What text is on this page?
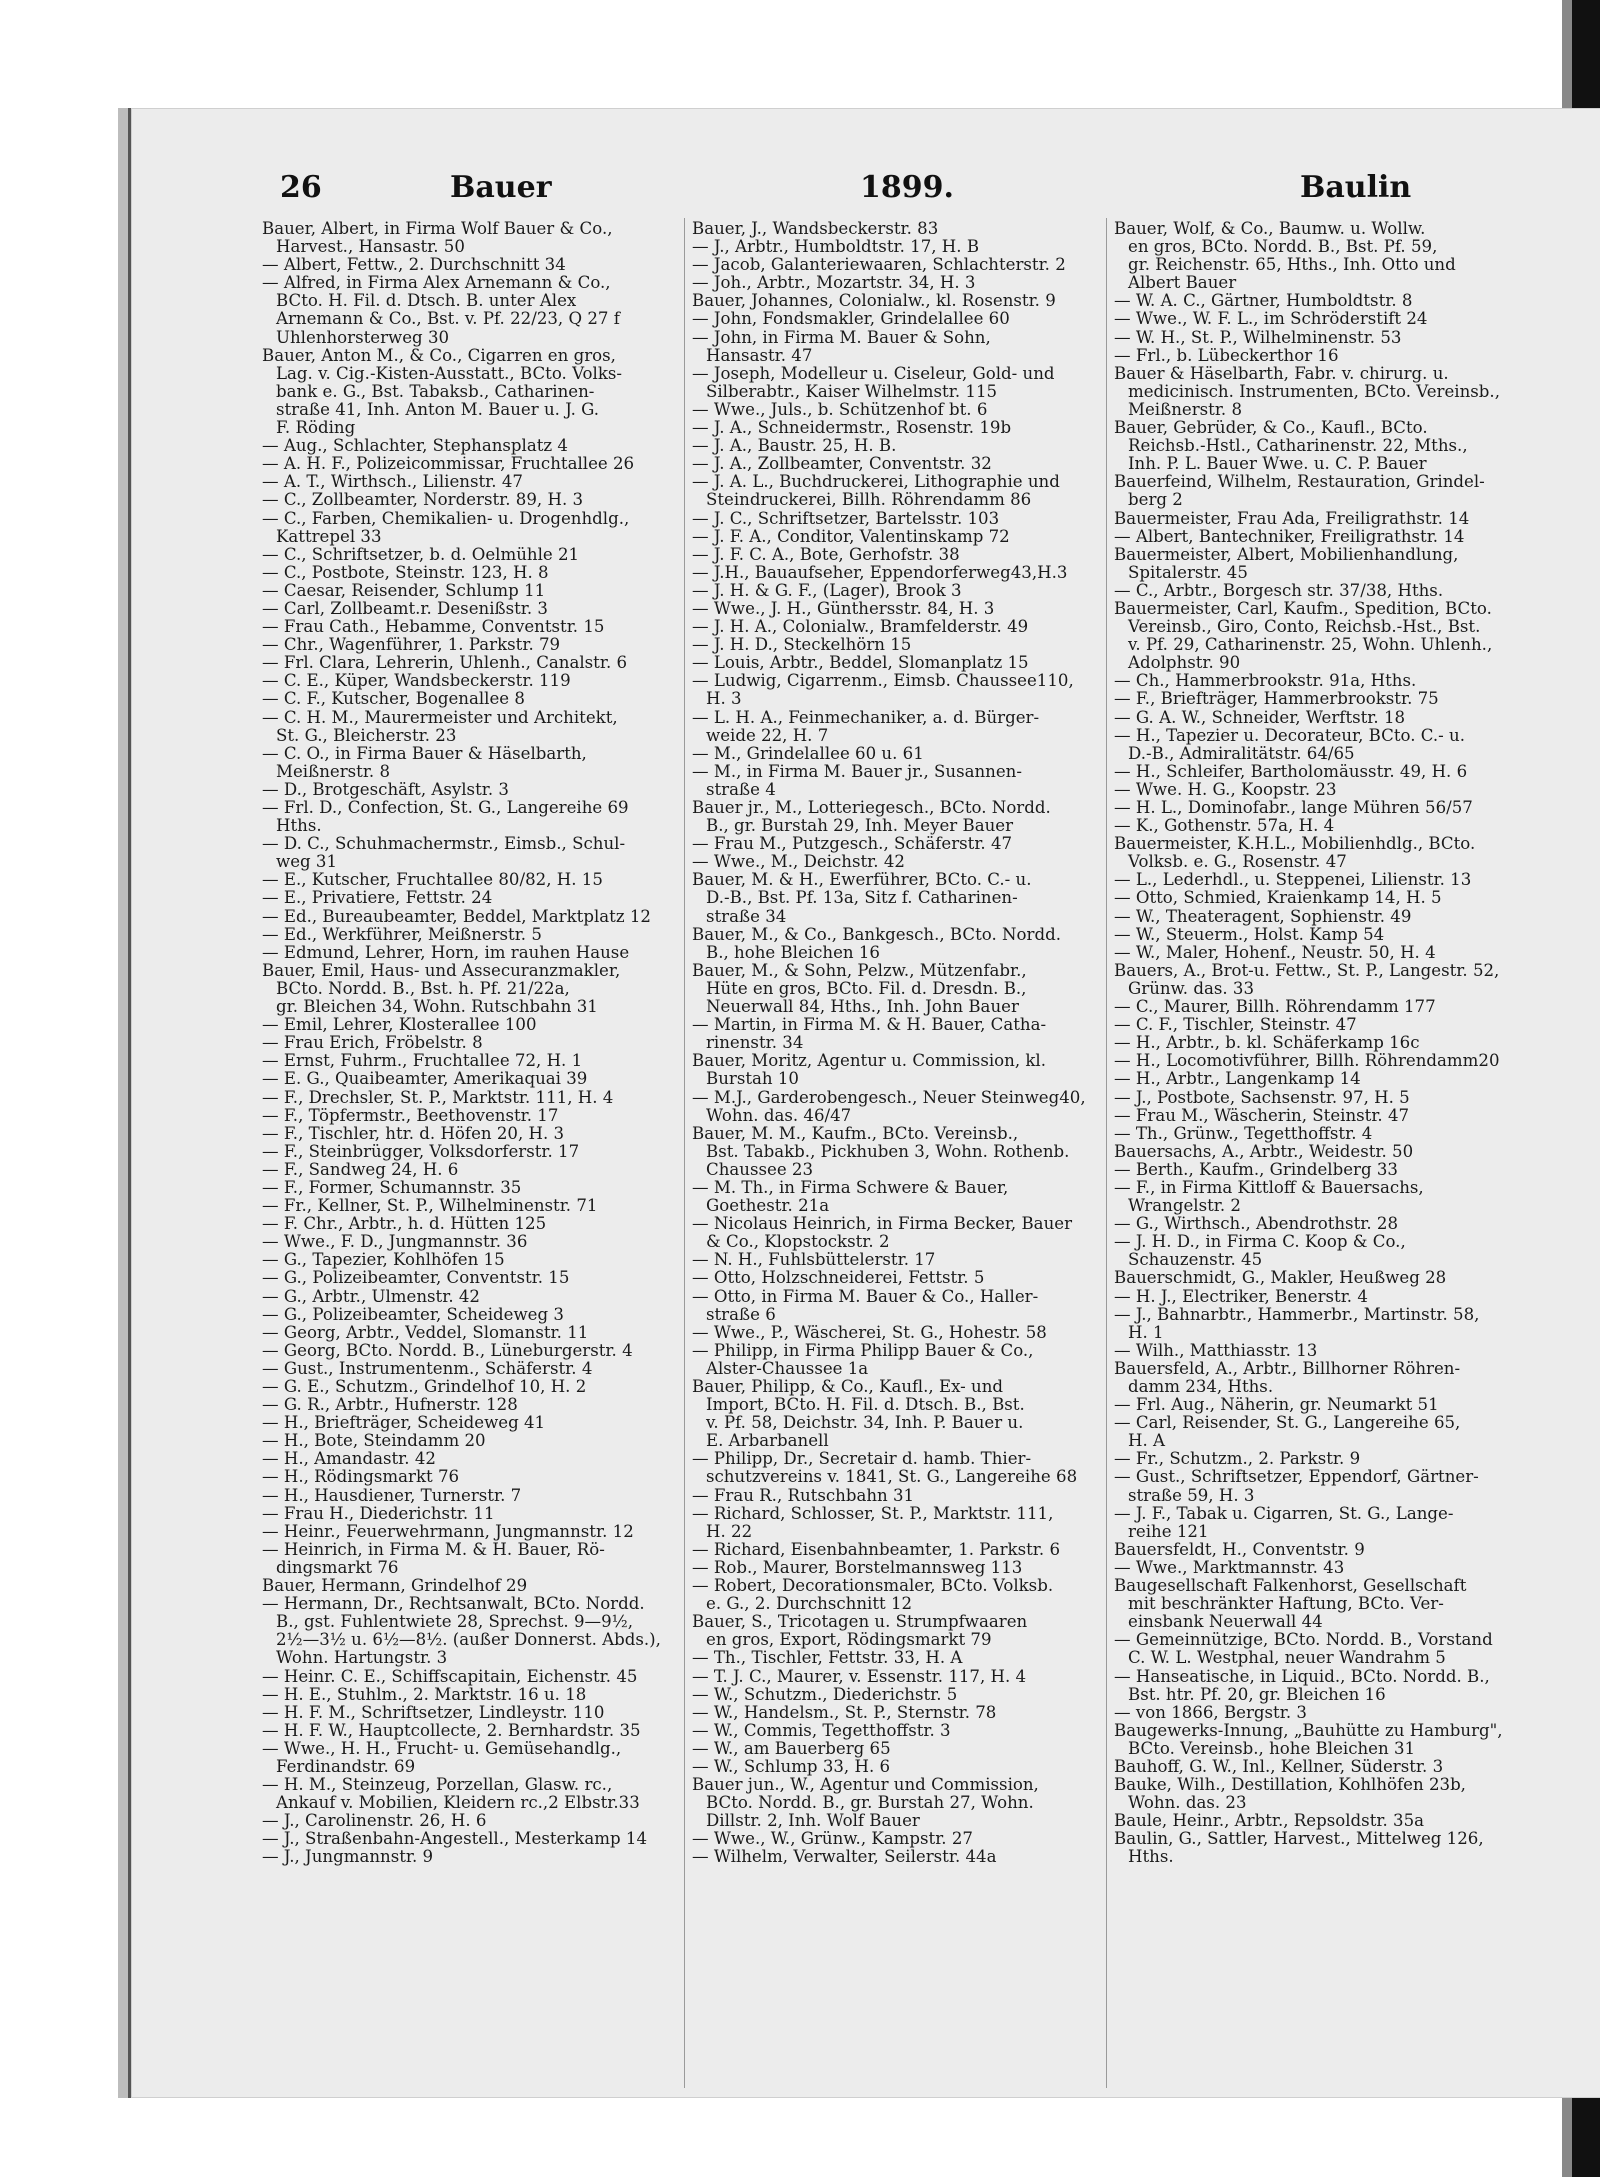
26	Bauer	1899.	Baulin
Bauer, Albert, in Firma Wolf Bauer & Co.,
Harvest., Hansastr. 50
— Albert, Fettw., 2. Durchschnitt 34
— Alfred, in Firma Alex Arnemann & Co.,
BCto. H. Fil. d. Dtsch. B. unter Alex
Arnemann & Co., Bst. v. Pf. 22/23, Q 27 f
Uhlenhorsterweg 30
Bauer, Anton M., & Co., Cigarren en gros,
Lag. v. Cig.-Kisten-Ausstatt., BCto. Volks-
bank e. G., Bst. Tabaksb., Catharinen-
straße 41, Inh. Anton M. Bauer u. J. G.
F. Röding
— Aug., Schlachter, Stephansplatz 4
— A. H. F., Polizeicommissar, Fruchtallee 26
— A. T., Wirthsch., Lilienstr. 47
— C., Zollbeamter, Norderstr. 89, H. 3
— C., Farben, Chemikalien- u. Drogenhdlg.,
Kattrepel 33
— C., Schriftsetzer, b. d. Oelmühle 21
— C., Postbote, Steinstr. 123, H. 8
— Caesar, Reisender, Schlump 11
— Carl, Zollbeamt.r. Desenißstr. 3
— Frau Cath., Hebamme, Conventstr. 15
— Chr., Wagenführer, 1. Parkstr. 79
— Frl. Clara, Lehrerin, Uhlenh., Canalstr. 6
— C. E., Küper, Wandsbeckerstr. 119
— C. F., Kutscher, Bogenallee 8
— C. H. M., Maurermeister und Architekt,
St. G., Bleicherstr. 23
— C. O., in Firma Bauer & Häselbarth,
Meißnerstr. 8
— D., Brotgeschäft, Asylstr. 3
— Frl. D., Confection, St. G., Langereihe 69
Hths.
— D. C., Schuhmachermstr., Eimsb., Schul-
weg 31
— E., Kutscher, Fruchtallee 80/82, H. 15
— E., Privatiere, Fettstr. 24
— Ed., Bureaubeamter, Beddel, Marktplatz 12
— Ed., Werkführer, Meißnerstr. 5
— Edmund, Lehrer, Horn, im rauhen Hause
Bauer, Emil, Haus- und Assecuranzmakler,
BCto. Nordd. B., Bst. h. Pf. 21/22a,
gr. Bleichen 34, Wohn. Rutschbahn 31
— Emil, Lehrer, Klosterallee 100
— Frau Erich, Fröbelstr. 8
— Ernst, Fuhrm., Fruchtallee 72, H. 1
— E. G., Quaibeamter, Amerikaquai 39
— F., Drechsler, St. P., Marktstr. 111, H. 4
— F., Töpfermstr., Beethovenstr. 17
— F., Tischler, htr. d. Höfen 20, H. 3
— F., Steinbrügger, Volksdorferstr. 17
— F., Sandweg 24, H. 6
— F., Former, Schumannstr. 35
— Fr., Kellner, St. P., Wilhelminenstr. 71
— F. Chr., Arbtr., h. d. Hütten 125
— Wwe., F. D., Jungmannstr. 36
— G., Tapezier, Kohlhöfen 15
— G., Polizeibeamter, Conventstr. 15
— G., Arbtr., Ulmenstr. 42
— G., Polizeibeamter, Scheideweg 3
— Georg, Arbtr., Veddel, Slomanstr. 11
— Georg, BCto. Nordd. B., Lüneburgerstr. 4
— Gust., Instrumentenm., Schäferstr. 4
— G. E., Schutzm., Grindelhof 10, H. 2
— G. R., Arbtr., Hufnerstr. 128
— H., Briefträger, Scheideweg 41
— H., Bote, Steindamm 20
— H., Amandastr. 42
— H., Rödingsmarkt 76
— H., Hausdiener, Turnerstr. 7
— Frau H., Diederichstr. 11
— Heinr., Feuerwehrmann, Jungmannstr. 12
— Heinrich, in Firma M. & H. Bauer, Rö-
dingsmarkt 76
Bauer, Hermann, Grindelhof 29
— Hermann, Dr., Rechtsanwalt, BCto. Nordd.
B., gst. Fuhlentwiete 28, Sprechst. 9—9½,
2½—3½ u. 6½—8½. (außer Donnerst. Abds.),
Wohn. Hartungstr. 3
— Heinr. C. E., Schiffscapitain, Eichenstr. 45
— H. E., Stuhlm., 2. Marktstr. 16 u. 18
— H. F. M., Schriftsetzer, Lindleystr. 110
— H. F. W., Hauptcollecte, 2. Bernhardstr. 35
— Wwe., H. H., Frucht- u. Gemüsehandlg.,
Ferdinandstr. 69
— H. M., Steinzeug, Porzellan, Glasw. rc.,
Ankauf v. Mobilien, Kleidern rc.,2 Elbstr.33
— J., Carolinenstr. 26, H. 6
— J., Straßenbahn-Angestell., Mesterkamp 14
— J., Jungmannstr. 9
Bauer, J., Wandsbeckerstr. 83
— J., Arbtr., Humboldtstr. 17, H. B
— Jacob, Galanteriewaaren, Schlachterstr. 2
— Joh., Arbtr., Mozartstr. 34, H. 3
Bauer, Johannes, Colonialw., kl. Rosenstr. 9
— John, Fondsmakler, Grindelallee 60
— John, in Firma M. Bauer & Sohn,
Hansastr. 47
— Joseph, Modelleur u. Ciseleur, Gold- und
Silberabtr., Kaiser Wilhelmstr. 115
— Wwe., Juls., b. Schützenhof bt. 6
— J. A., Schneidermstr., Rosenstr. 19b
— J. A., Baustr. 25, H. B.
— J. A., Zollbeamter, Conventstr. 32
— J. A. L., Buchdruckerei, Lithographie und
Steindruckerei, Billh. Röhrendamm 86
— J. C., Schriftsetzer, Bartelsstr. 103
— J. F. A., Conditor, Valentinskamp 72
— J. F. C. A., Bote, Gerhofstr. 38
— J.H., Bauaufseher, Eppendorferweg43,H.3
— J. H. & G. F., (Lager), Brook 3
— Wwe., J. H., Günthersstr. 84, H. 3
— J. H. A., Colonialw., Bramfelderstr. 49
— J. H. D., Steckelhörn 15
— Louis, Arbtr., Beddel, Slomanplatz 15
— Ludwig, Cigarrenm., Eimsb. Chaussee110,
H. 3
— L. H. A., Feinmechaniker, a. d. Bürger-
weide 22, H. 7
— M., Grindelallee 60 u. 61
— M., in Firma M. Bauer jr., Susannen-
straße 4
Bauer jr., M., Lotteriegesch., BCto. Nordd.
B., gr. Burstah 29, Inh. Meyer Bauer
— Frau M., Putzgesch., Schäferstr. 47
— Wwe., M., Deichstr. 42
Bauer, M. & H., Ewerführer, BCto. C.- u.
D.-B., Bst. Pf. 13a, Sitz f. Catharinen-
straße 34
Bauer, M., & Co., Bankgesch., BCto. Nordd.
B., hohe Bleichen 16
Bauer, M., & Sohn, Pelzw., Mützenfabr.,
Hüte en gros, BCto. Fil. d. Dresdn. B.,
Neuerwall 84, Hths., Inh. John Bauer
— Martin, in Firma M. & H. Bauer, Catha-
rinenstr. 34
Bauer, Moritz, Agentur u. Commission, kl.
Burstah 10
— M.J., Garderobengesch., Neuer Steinweg40,
Wohn. das. 46/47
Bauer, M. M., Kaufm., BCto. Vereinsb.,
Bst. Tabakb., Pickhuben 3, Wohn. Rothenb.
Chaussee 23
— M. Th., in Firma Schwere & Bauer,
Goethestr. 21a
— Nicolaus Heinrich, in Firma Becker, Bauer
& Co., Klopstockstr. 2
— N. H., Fuhlsbüttelerstr. 17
— Otto, Holzschneiderei, Fettstr. 5
— Otto, in Firma M. Bauer & Co., Haller-
straße 6
— Wwe., P., Wäscherei, St. G., Hohestr. 58
— Philipp, in Firma Philipp Bauer & Co.,
Alster-Chaussee 1a
Bauer, Philipp, & Co., Kaufl., Ex- und
Import, BCto. H. Fil. d. Dtsch. B., Bst.
v. Pf. 58, Deichstr. 34, Inh. P. Bauer u.
E. Arbarbanell
— Philipp, Dr., Secretair d. hamb. Thier-
schutzvereins v. 1841, St. G., Langereihe 68
— Frau R., Rutschbahn 31
— Richard, Schlosser, St. P., Marktstr. 111,
H. 22
— Richard, Eisenbahnbeamter, 1. Parkstr. 6
— Rob., Maurer, Borstelmannsweg 113
— Robert, Decorationsmaler, BCto. Volksb.
e. G., 2. Durchschnitt 12
Bauer, S., Tricotagen u. Strumpfwaaren
en gros, Export, Rödingsmarkt 79
— Th., Tischler, Fettstr. 33, H. A
— T. J. C., Maurer, v. Essenstr. 117, H. 4
— W., Schutzm., Diederichstr. 5
— W., Handelsm., St. P., Sternstr. 78
— W., Commis, Tegetthoffstr. 3
— W., am Bauerberg 65
— W., Schlump 33, H. 6
Bauer jun., W., Agentur und Commission,
BCto. Nordd. B., gr. Burstah 27, Wohn.
Dillstr. 2, Inh. Wolf Bauer
— Wwe., W., Grünw., Kampstr. 27
— Wilhelm, Verwalter, Seilerstr. 44a
Bauer, Wolf, & Co., Baumw. u. Wollw.
en gros, BCto. Nordd. B., Bst. Pf. 59,
gr. Reichenstr. 65, Hths., Inh. Otto und
Albert Bauer
— W. A. C., Gärtner, Humboldtstr. 8
— Wwe., W. F. L., im Schröderstift 24
— W. H., St. P., Wilhelminenstr. 53
— Frl., b. Lübeckerthor 16
Bauer & Häselbarth, Fabr. v. chirurg. u.
medicinisch. Instrumenten, BCto. Vereinsb.,
Meißnerstr. 8
Bauer, Gebrüder, & Co., Kaufl., BCto.
Reichsb.-Hstl., Catharinenstr. 22, Mths.,
Inh. P. L. Bauer Wwe. u. C. P. Bauer
Bauerfeind, Wilhelm, Restauration, Grindel-
berg 2
Bauermeister, Frau Ada, Freiligrathstr. 14
— Albert, Bantechniker, Freiligrathstr. 14
Bauermeister, Albert, Mobilienhandlung,
Spitalerstr. 45
— C., Arbtr., Borgesch str. 37/38, Hths.
Bauermeister, Carl, Kaufm., Spedition, BCto.
Vereinsb., Giro, Conto, Reichsb.-Hst., Bst.
v. Pf. 29, Catharinenstr. 25, Wohn. Uhlenh.,
Adolphstr. 90
— Ch., Hammerbrookstr. 91a, Hths.
— F., Briefträger, Hammerbrookstr. 75
— G. A. W., Schneider, Werftstr. 18
— H., Tapezier u. Decorateur, BCto. C.- u.
D.-B., Admiralitätstr. 64/65
— H., Schleifer, Bartholomäusstr. 49, H. 6
— Wwe. H. G., Koopstr. 23
— H. L., Dominofabr., lange Mühren 56/57
— K., Gothenstr. 57a, H. 4
Bauermeister, K.H.L., Mobilienhdlg., BCto.
Volksb. e. G., Rosenstr. 47
— L., Lederhdl., u. Steppenei, Lilienstr. 13
— Otto, Schmied, Kraienkamp 14, H. 5
— W., Theateragent, Sophienstr. 49
— W., Steuerm., Holst. Kamp 54
— W., Maler, Hohenf., Neustr. 50, H. 4
Bauers, A., Brot-u. Fettw., St. P., Langestr. 52,
Grünw. das. 33
— C., Maurer, Billh. Röhrendamm 177
— C. F., Tischler, Steinstr. 47
— H., Arbtr., b. kl. Schäferkamp 16c
— H., Locomotivführer, Billh. Röhrendamm20
— H., Arbtr., Langenkamp 14
— J., Postbote, Sachsenstr. 97, H. 5
— Frau M., Wäscherin, Steinstr. 47
— Th., Grünw., Tegetthoffstr. 4
Bauersachs, A., Arbtr., Weidestr. 50
— Berth., Kaufm., Grindelberg 33
— F., in Firma Kittloff & Bauersachs,
Wrangelstr. 2
— G., Wirthsch., Abendrothstr. 28
— J. H. D., in Firma C. Koop & Co.,
Schauzenstr. 45
Bauerschmidt, G., Makler, Heußweg 28
— H. J., Electriker, Benerstr. 4
— J., Bahnarbtr., Hammerbr., Martinstr. 58,
H. 1
— Wilh., Matthiasstr. 13
Bauersfeld, A., Arbtr., Billhorner Röhren-
damm 234, Hths.
— Frl. Aug., Näherin, gr. Neumarkt 51
— Carl, Reisender, St. G., Langereihe 65,
H. A
— Fr., Schutzm., 2. Parkstr. 9
— Gust., Schriftsetzer, Eppendorf, Gärtner-
straße 59, H. 3
— J. F., Tabak u. Cigarren, St. G., Lange-
reihe 121
Bauersfeldt, H., Conventstr. 9
— Wwe., Marktmannstr. 43
Baugesellschaft Falkenhorst, Gesellschaft
mit beschränkter Haftung, BCto. Ver-
einsbank Neuerwall 44
— Gemeinnützige, BCto. Nordd. B., Vorstand
C. W. L. Westphal, neuer Wandrahm 5
— Hanseatische, in Liquid., BCto. Nordd. B.,
Bst. htr. Pf. 20, gr. Bleichen 16
— von 1866, Bergstr. 3
Baugewerks-Innung, „Bauhütte zu Hamburg",
BCto. Vereinsb., hohe Bleichen 31
Bauhoff, G. W., Inl., Kellner, Süderstr. 3
Bauke, Wilh., Destillation, Kohlhöfen 23b,
Wohn. das. 23
Baule, Heinr., Arbtr., Repsoldstr. 35a
Baulin, G., Sattler, Harvest., Mittelweg 126,
Hths.
